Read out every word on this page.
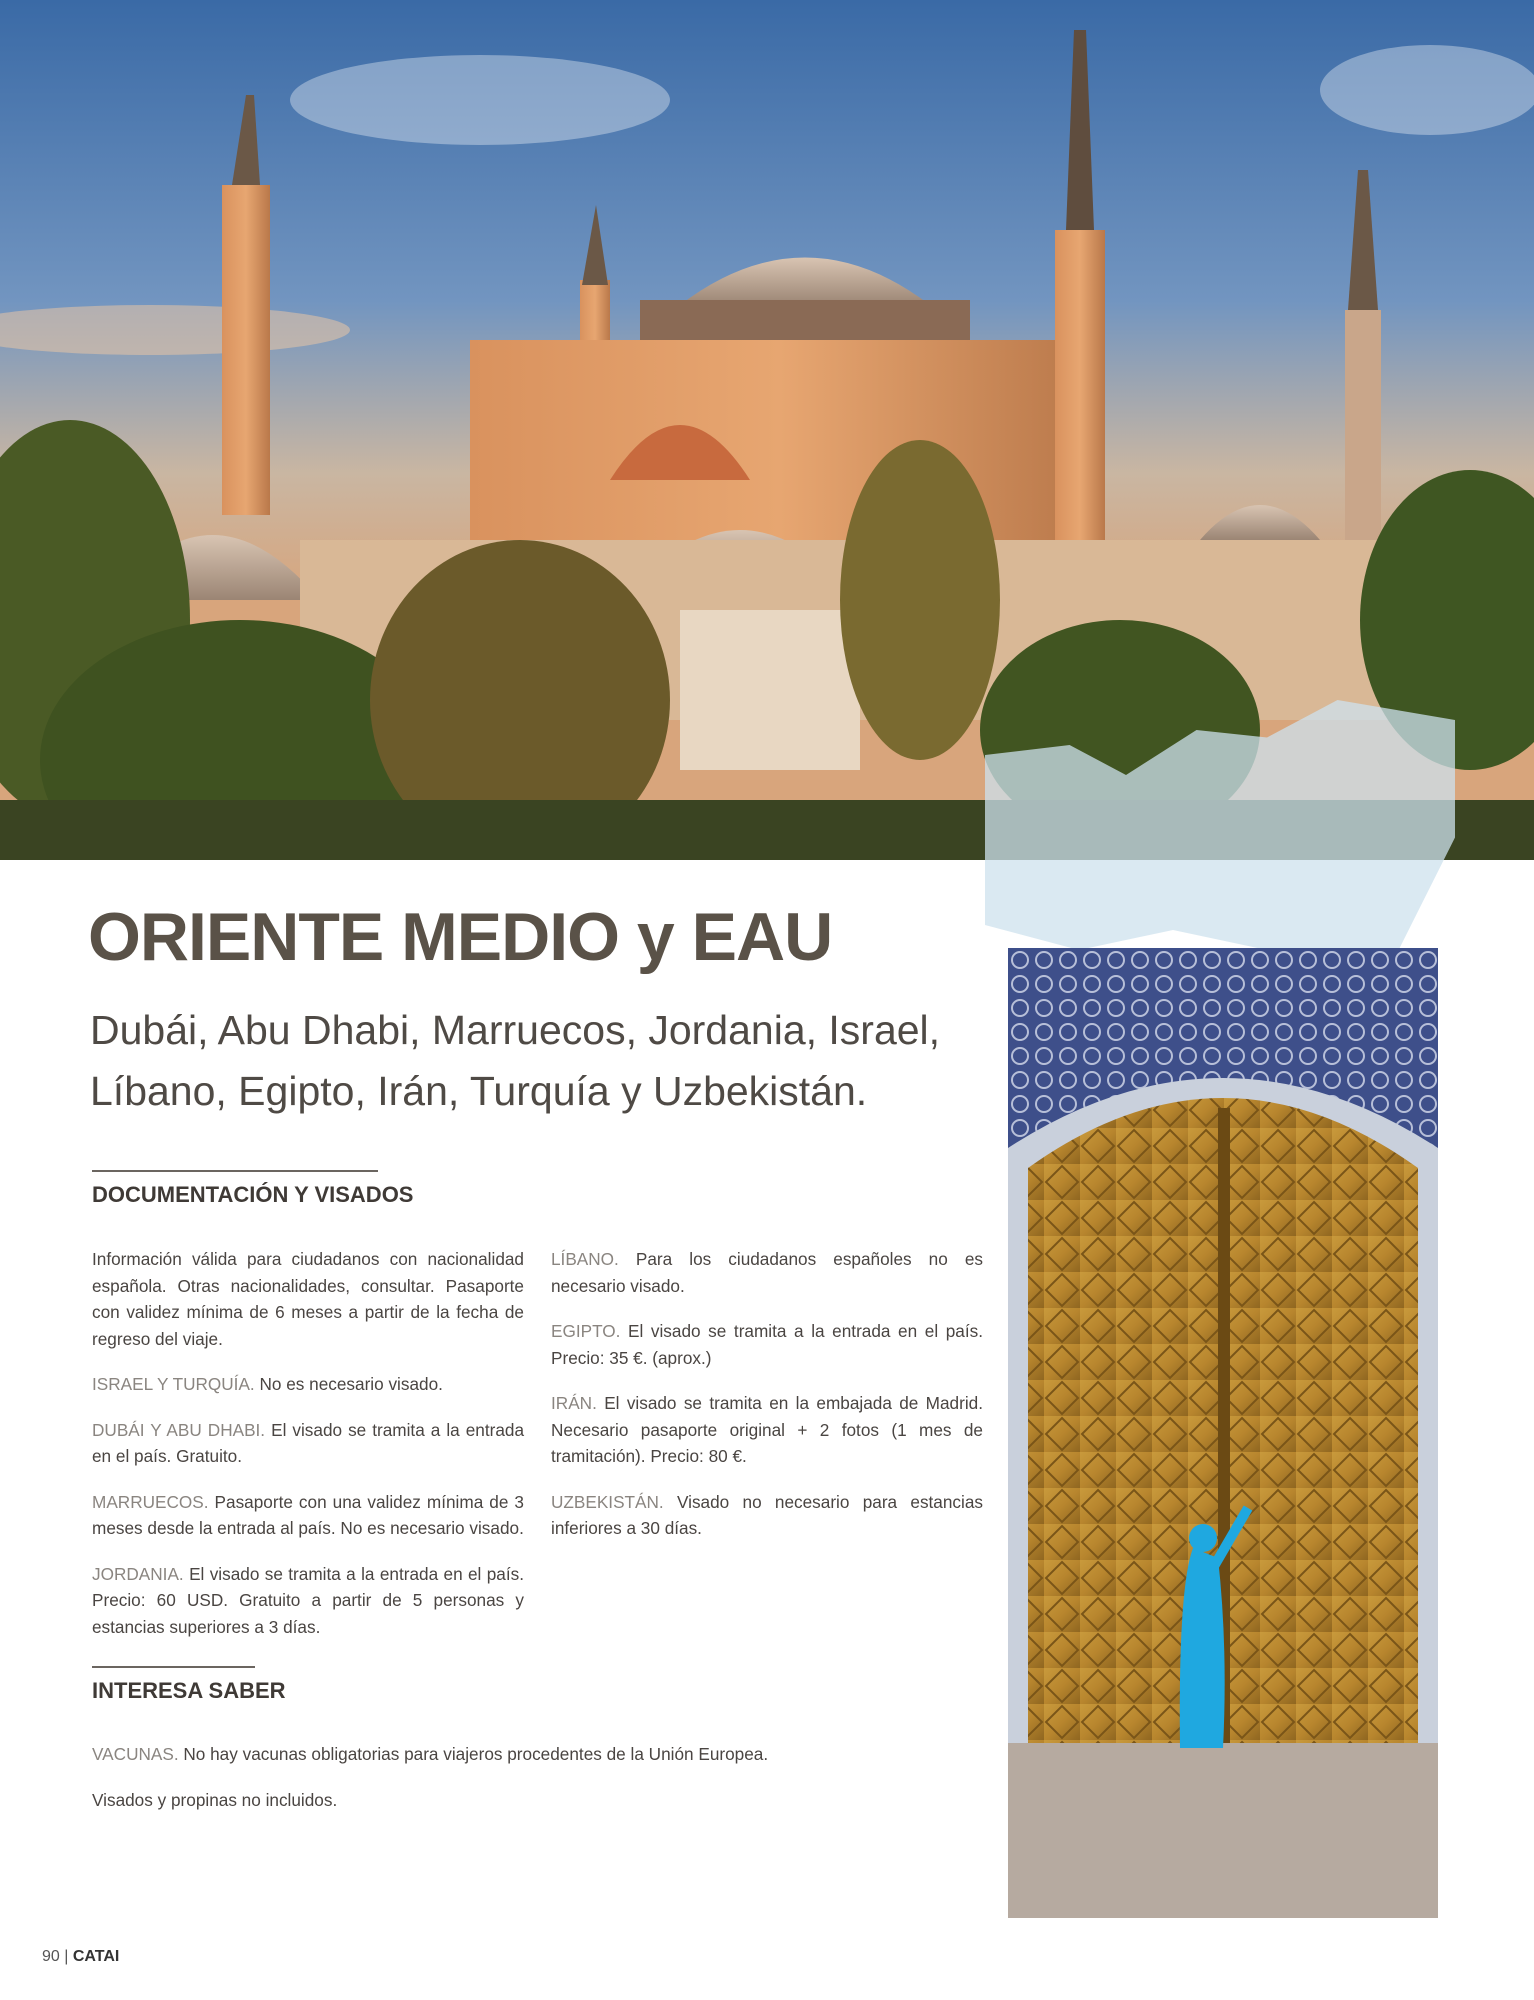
ORIENTE MEDIO y EAU
Dubái, Abu Dhabi, Marruecos, Jordania, Israel, Líbano, Egipto, Irán, Turquía y Uzbekistán.
DOCUMENTACIÓN Y VISADOS

Información válida para ciudadanos con nacionalidad española. Otras nacionalidades, consultar. Pasaporte con validez mínima de 6 meses a partir de la fecha de regreso del viaje.

ISRAEL Y TURQUÍA. No es necesario visado.

DUBÁI Y ABU DHABI. El visado se tramita a la entrada en el país. Gratuito.

MARRUECOS. Pasaporte con una validez mínima de 3 meses desde la entrada al país. No es necesario visado.

JORDANIA. El visado se tramita a la entrada en el país. Precio: 60 USD. Gratuito a partir de 5 personas y estancias superiores a 3 días.

LÍBANO. Para los ciudadanos españoles no es necesario visado.

EGIPTO. El visado se tramita a la entrada en el país. Precio: 35 €. (aprox.)

IRÁN. El visado se tramita en la embajada de Madrid. Necesario pasaporte original + 2 fotos (1 mes de tramitación). Precio: 80 €.

UZBEKISTÁN. Visado no necesario para estancias inferiores a 30 días.

INTERESA SABER

VACUNAS. No hay vacunas obligatorias para viajeros procedentes de la Unión Europea.

Visados y propinas no incluidos.

90 | CATAI
